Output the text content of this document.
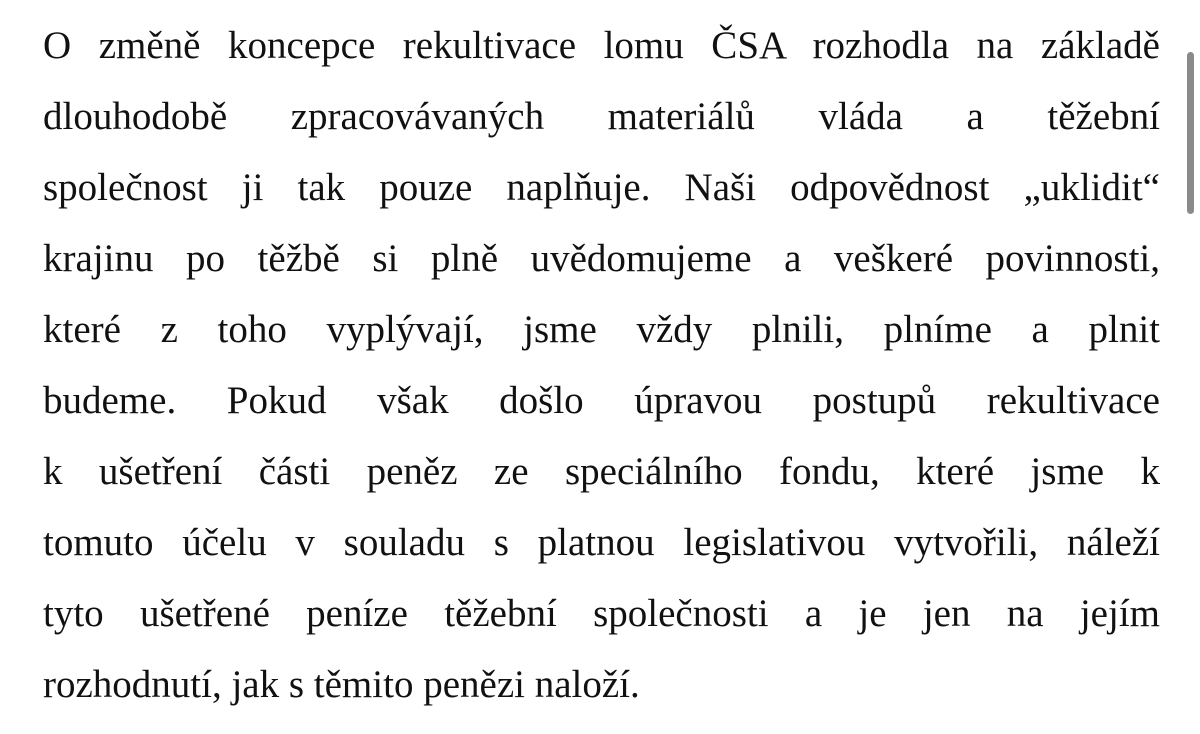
O změně koncepce rekultivace lomu ČSA rozhodla na základě
dlouhodobě zpracovávaných materiálů vláda a těžební
společnost ji tak pouze naplňuje. Naši odpovědnost „uklidit“
krajinu po těžbě si plně uvědomujeme a veškeré povinnosti,
které z toho vyplývají, jsme vždy plnili, plníme a plnit
budeme. Pokud však došlo úpravou postupů rekultivace
k ušetření části peněz ze speciálního fondu, které jsme k
tomuto účelu v souladu s platnou legislativou vytvořili, náleží
tyto ušetřené peníze těžební společnosti a je jen na jejím
rozhodnutí, jak s těmito penězi naloží.
